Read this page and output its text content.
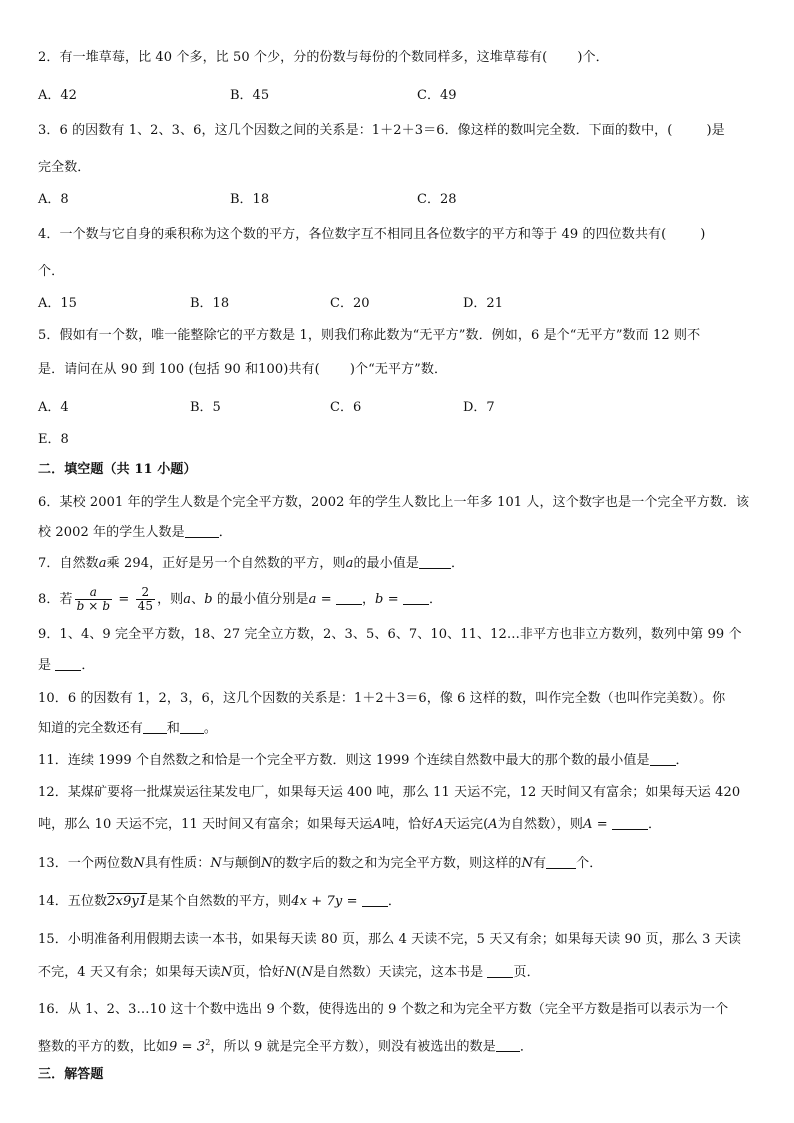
2．有一堆草莓，比 40 个多，比 50 个少，分的份数与每份的个数同样多，这堆草莓有( )个．
A．42	B．45	C．49
3．6 的因数有 1、2、3、6，这几个因数之间的关系是：1＋2＋3＝6．像这样的数叫完全数．下面的数中，(	)是
完全数．
A．8	B．18	C．28
4．一个数与它自身的乘积称为这个数的平方，各位数字互不相同且各位数字的平方和等于 49 的四位数共有(	)
个．
A．15	B．18	C．20	D．21
5．假如有一个数，唯一能整除它的平方数是 1，则我们称此数为“无平方”数．例如，6 是个“无平方”数而 12 则不
是．请问在从 90 到 100 (包括 90 和100)共有( )个“无平方”数．
A．4	B．5	C．6	D．7
E．8
二．填空题（共 11 小题）
6．某校 2001 年的学生人数是个完全平方数，2002 年的学生人数比上一年多 101 人，这个数字也是一个完全平方数．该
校 2002 年的学生人数是	．
7．自然数a乘 294，正好是另一个自然数的平方，则a的最小值是 ．
8．若 $\frac{a}{b \times b} = \frac{2}{45}$ ，则a、b 的最小值分别是a = ，b = ．
9．1、4、9 完全平方数，18、27 完全立方数，2、3、5、6、7、10、11、12…非平方也非立方数列，数列中第 99 个
是 ．
10．6 的因数有 1，2，3，6，这几个因数的关系是：1＋2＋3＝6，像 6 这样的数，叫作完全数（也叫作完美数）。你
知道的完全数还有 和 。
11．连续 1999 个自然数之和恰是一个完全平方数．则这 1999 个连续自然数中最大的那个数的最小值是 ．
12．某煤矿要将一批煤炭运往某发电厂，如果每天运 400 吨，那么 11 天运不完，12 天时间又有富余；如果每天运 420
吨，那么 10 天运不完，11 天时间又有富余；如果每天运A吨，恰好A天运完(A为自然数），则A =	．
13．一个两位数N具有性质：N与颠倒N的数字后的数之和为完全平方数，则这样的N有 个．
14．五位数2x9y1是某个自然数的平方，则4x + 7y = ．
15．小明准备利用假期去读一本书，如果每天读 80 页，那么 4 天读不完，5 天又有余；如果每天读 90 页，那么 3 天读
不完，4 天又有余；如果每天读N页，恰好N(N是自然数）天读完，这本书是 页．
16．从 1、2、3…10 这十个数中选出 9 个数，使得选出的 9 个数之和为完全平方数（完全平方数是指可以表示为一个
整数的平方的数，比如$9 = 3^2$，所以 9 就是完全平方数），则没有被选出的数是 ．
三．解答题
